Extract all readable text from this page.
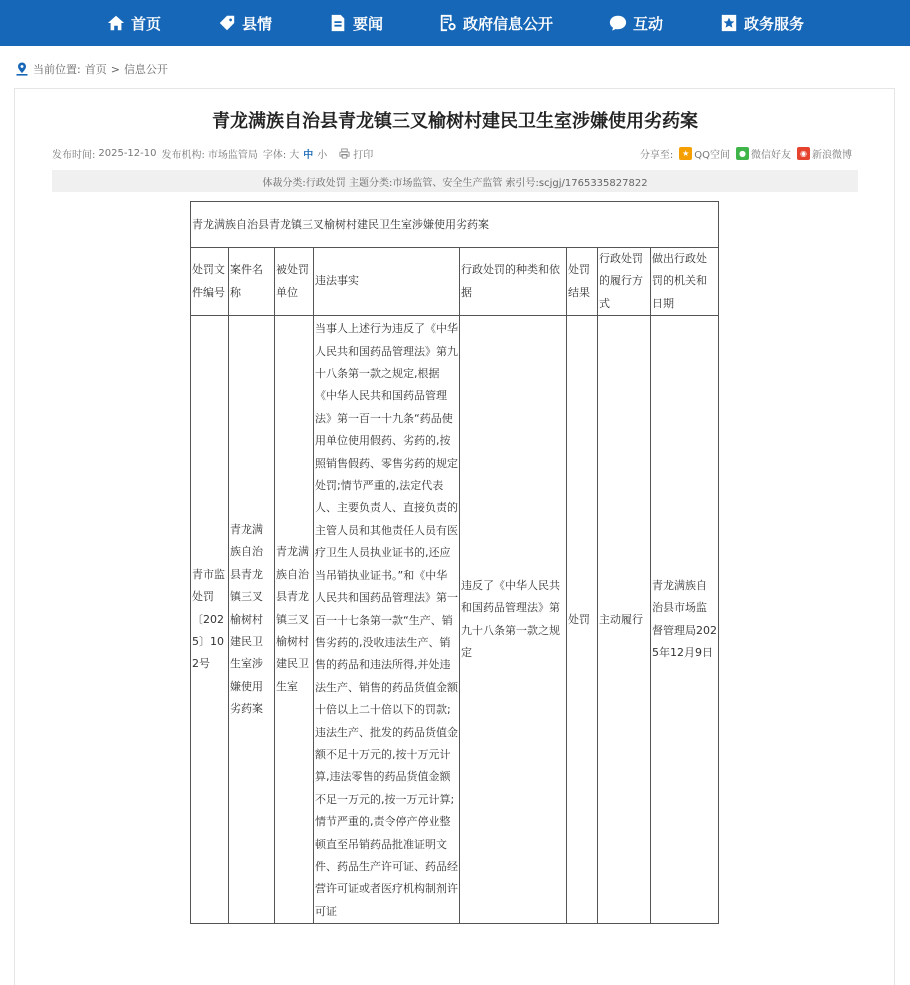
首页	县情	要闻	政府信息公开	互动	政务服务
当前位置: 首页 > 信息公开
青龙满族自治县青龙镇三叉榆树村建民卫生室涉嫌使用劣药案
发布时间: 2025-12-10 发布机构: 市场监管局 字体: 大 中 小	打印	分享至:	★ QQ空间	● 微信好友	◉ 新浪微博
体裁分类:行政处罚 主题分类:市场监管、安全生产监管 索引号:scjgj/1765335827822
青龙满族自治县青龙镇三叉榆树村建民卫生室涉嫌使用劣药案							
处罚文件编号	案件名称	被处罚单位	违法事实	行政处罚的种类和依据	处罚结果	行政处罚的履行方式	做出行政处罚的机关和日期
青市监处罚〔2025〕102号	青龙满族自治县青龙镇三叉榆树村建民卫生室涉嫌使用劣药案	青龙满族自治县青龙镇三叉榆树村建民卫生室	当事人上述行为违反了《中华人民共和国药品管理法》第九十八条第一款之规定,根据《中华人民共和国药品管理法》第一百一十九条“药品使用单位使用假药、劣药的,按照销售假药、零售劣药的规定处罚;情节严重的,法定代表人、主要负责人、直接负责的主管人员和其他责任人员有医疗卫生人员执业证书的,还应当吊销执业证书。”和《中华人民共和国药品管理法》第一百一十七条第一款“生产、销售劣药的,没收违法生产、销售的药品和违法所得,并处违法生产、销售的药品货值金额十倍以上二十倍以下的罚款;违法生产、批发的药品货值金额不足十万元的,按十万元计算,违法零售的药品货值金额不足一万元的,按一万元计算;情节严重的,责令停产停业整顿直至吊销药品批准证明文件、药品生产许可证、药品经营许可证或者医疗机构制剂许可证	违反了《中华人民共和国药品管理法》第九十八条第一款之规定	处罚	主动履行	青龙满族自治县市场监督管理局2025年12月9日
